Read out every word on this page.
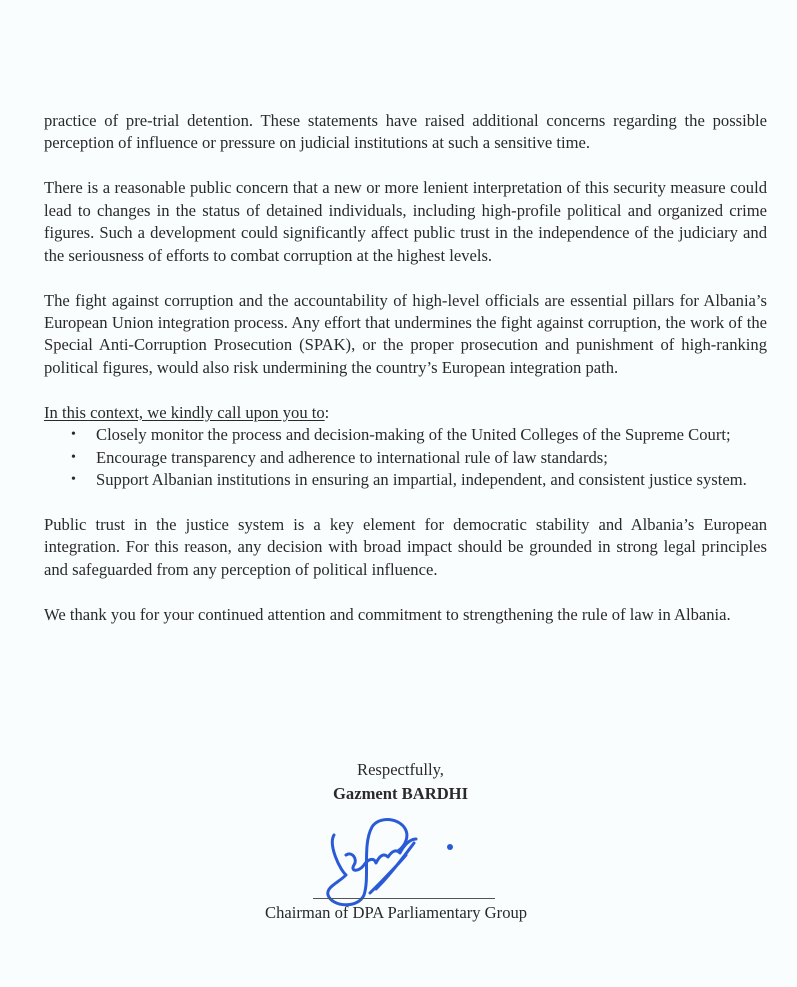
practice of pre-trial detention. These statements have raised additional concerns regarding the possible perception of influence or pressure on judicial institutions at such a sensitive time.

There is a reasonable public concern that a new or more lenient interpretation of this security measure could lead to changes in the status of detained individuals, including high-profile political and organized crime figures. Such a development could significantly affect public trust in the independence of the judiciary and the seriousness of efforts to combat corruption at the highest levels.

The fight against corruption and the accountability of high-level officials are essential pillars for Albania’s European Union integration process. Any effort that undermines the fight against corruption, the work of the Special Anti-Corruption Prosecution (SPAK), or the proper prosecution and punishment of high-ranking political figures, would also risk undermining the country’s European integration path.

In this context, we kindly call upon you to:

• Closely monitor the process and decision-making of the United Colleges of the Supreme Court;
• Encourage transparency and adherence to international rule of law standards;
• Support Albanian institutions in ensuring an impartial, independent, and consistent justice system.

Public trust in the justice system is a key element for democratic stability and Albania’s European integration. For this reason, any decision with broad impact should be grounded in strong legal principles and safeguarded from any perception of political influence.

We thank you for your continued attention and commitment to strengthening the rule of law in Albania.

Respectfully,
Gazment BARDHI
Chairman of DPA Parliamentary Group
